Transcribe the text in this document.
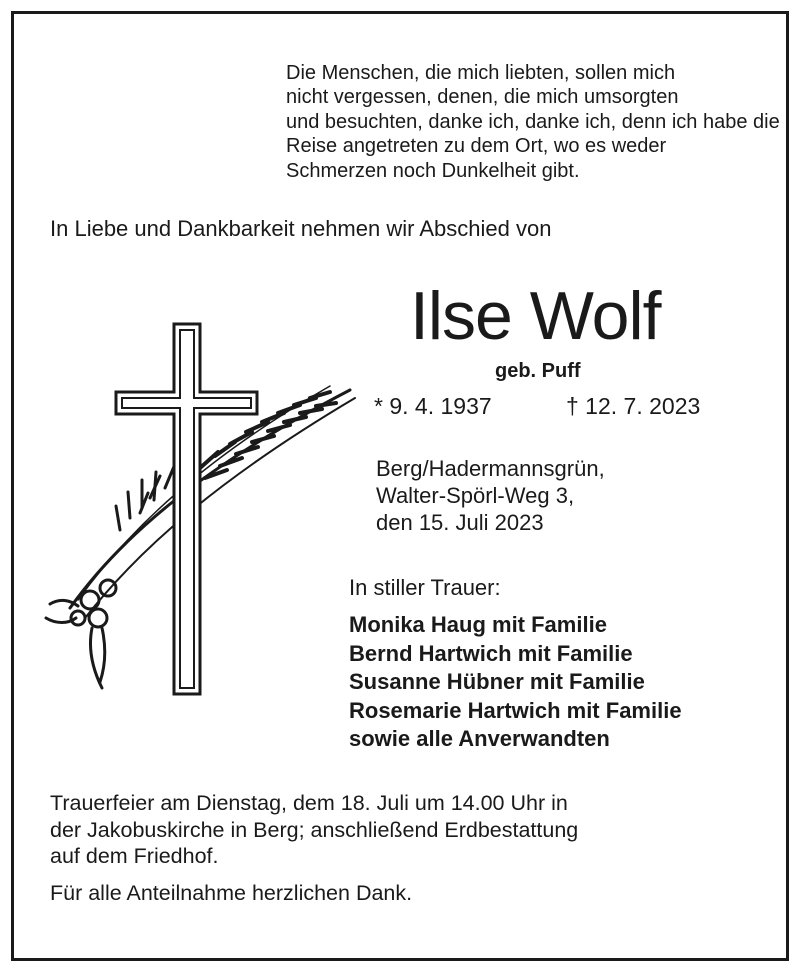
Die Menschen, die mich liebten, sollen mich
nicht vergessen, denen, die mich umsorgten
und besuchten, danke ich, danke ich, denn ich habe die
Reise angetreten zu dem Ort, wo es weder
Schmerzen noch Dunkelheit gibt.
In Liebe und Dankbarkeit nehmen wir Abschied von
Ilse Wolf
geb. Puff
* 9. 4. 1937	† 12. 7. 2023
Berg/Hadermannsgrün,
Walter-Spörl-Weg 3,
den 15. Juli 2023
In stiller Trauer:
Monika Haug mit Familie
Bernd Hartwich mit Familie
Susanne Hübner mit Familie
Rosemarie Hartwich mit Familie
sowie alle Anverwandten
Trauerfeier am Dienstag, dem 18. Juli um 14.00 Uhr in
der Jakobuskirche in Berg; anschließend Erdbestattung
auf dem Friedhof.
Für alle Anteilnahme herzlichen Dank.
